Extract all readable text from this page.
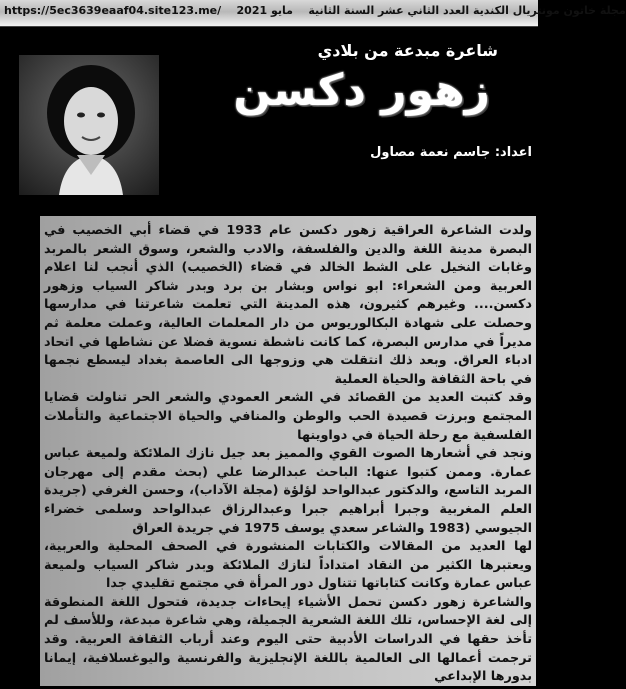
https://5ec3639eaaf04.site123.me/ مايو 2021 مجلة خاتون مونتريال الكندية العدد الثاني عشر السنة الثانية
شاعرة مبدعة من بلادي
زهور دكسن
اعداد: جاسم نعمة مصاول

ولدت الشاعرة العراقية زهور دكسن عام 1933 في قضاء أبي الخصيب في البصرة مدينة اللغة والدين والفلسفة، والادب والشعر، وسوق الشعر بالمربد وغابات النخيل على الشط الخالد في قضاء (الخصيب) الذي أنجب لنا اعلام العربية ومن الشعراء: ابو نواس وبشار بن برد وبدر شاكر السياب وزهور دكسن.... وغيرهم كثيرون، هذه المدينة التي تعلمت شاعرتنا في مدارسها وحصلت على شهادة البكالوريوس من دار المعلمات العالية، وعملت معلمة ثم مديراً في مدارس البصرة، كما كانت ناشطة نسوية فضلا عن نشاطها في اتحاد ادباء العراق. وبعد ذلك انتقلت هي وزوجها الى العاصمة بغداد ليسطع نجمها في باحة الثقافة والحياة العملية

وقد كتبت العديد من القصائد في الشعر العمودي والشعر الحر تناولت قضايا المجتمع وبرزت قصيدة الحب والوطن والمنافي والحياة الاجتماعية والتأملات الفلسفية مع رحلة الحياة في دواوينها

ونجد في أشعارها الصوت القوي والمميز بعد جيل نازك الملائكة ولميعة عباس عمارة. وممن كتبوا عنها: الباحث عبدالرضا علي (بحث مقدم إلى مهرجان المربد التاسع، والدكتور عبدالواحد لؤلؤة (مجلة الآداب)، وحسن الغرفي (جريدة العلم المغربية وجبرا أبراهيم جبرا وعبدالرزاق عبدالواحد وسلمى خضراء الجيوسي (1983 والشاعر سعدي يوسف 1975 في جريدة العراق

لها العديد من المقالات والكتابات المنشورة في الصحف المحلية والعربية، ويعتبرها الكثير من النقاد امتداداً لنازك الملائكة وبدر شاكر السياب ولميعة عباس عمارة وكانت كتاباتها تتناول دور المرأة في مجتمع تقليدي جدا

والشاعرة زهور دكسن تحمل الأشياء إيحاءات جديدة، فتحول اللغة المنطوقة إلى لغة الإحساس، تلك اللغة الشعرية الجميلة، وهي شاعرة مبدعة، وللأسف لم تأخذ حقها في الدراسات الأدبية حتى اليوم وعند أرباب الثقافة العربية. وقد ترجمت أعمالها الى العالمية باللغة الإنجليزية والفرنسية واليوغسلافية، إيمانا بدورها الإبداعي
